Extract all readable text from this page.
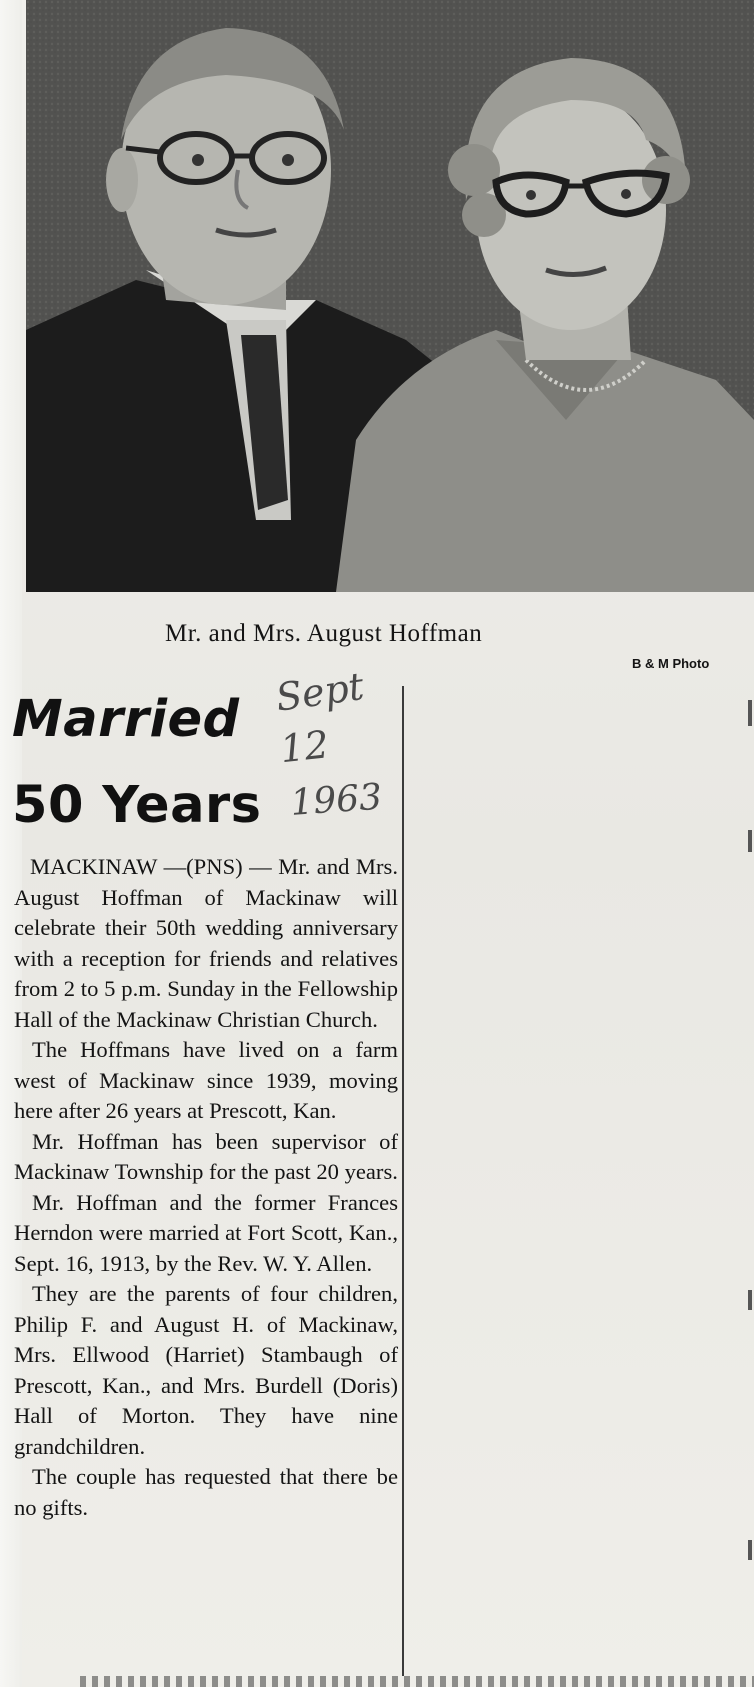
Mr. and Mrs. August Hoffman
B & M Photo
Married
50 Years
Sept
12
1963

MACKINAW —(PNS) — Mr. and Mrs. August Hoffman of Mackinaw will celebrate their 50th wedding anniversary with a reception for friends and relatives from 2 to 5 p.m. Sunday in the Fellowship Hall of the Mackinaw Christian Church.

The Hoffmans have lived on a farm west of Mackinaw since 1939, moving here after 26 years at Prescott, Kan.

Mr. Hoffman has been supervisor of Mackinaw Township for the past 20 years.

Mr. Hoffman and the former Frances Herndon were married at Fort Scott, Kan., Sept. 16, 1913, by the Rev. W. Y. Allen.

They are the parents of four children, Philip F. and August H. of Mackinaw, Mrs. Ellwood (Harriet) Stambaugh of Prescott, Kan., and Mrs. Burdell (Doris) Hall of Morton. They have nine grandchildren.

The couple has requested that there be no gifts.
